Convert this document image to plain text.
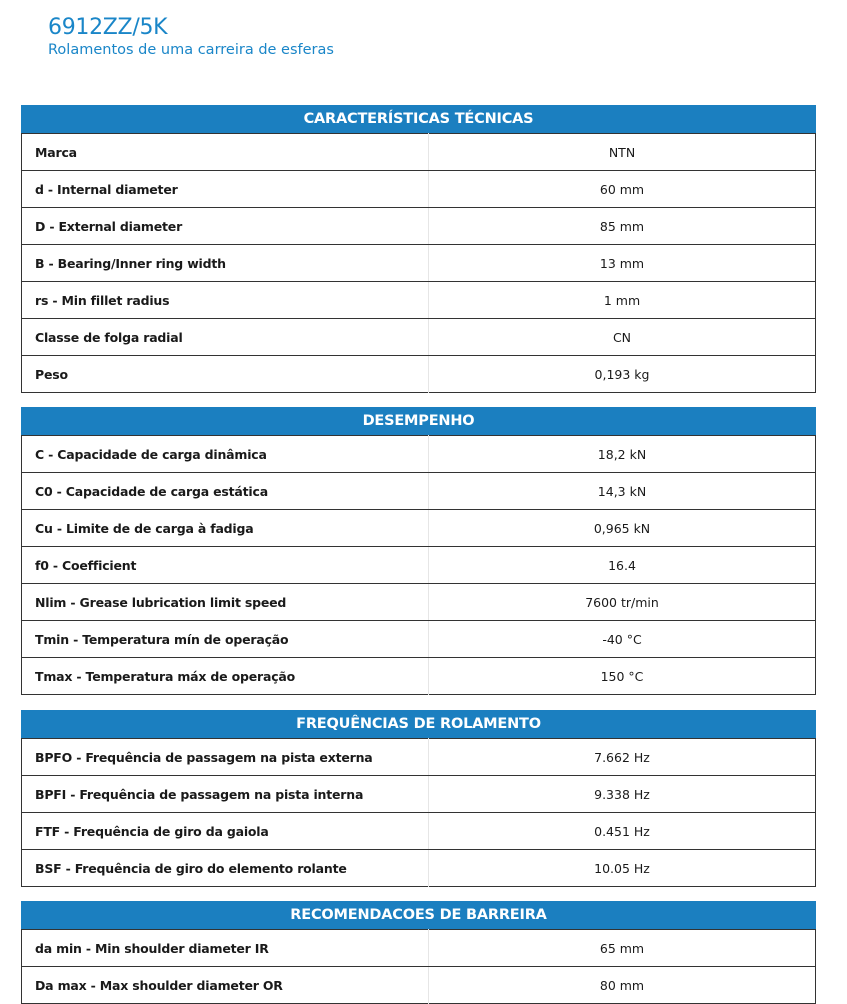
6912ZZ/5K
Rolamentos de uma carreira de esferas
CARACTERÍSTICAS TÉCNICAS
Marca	NTN
d - Internal diameter	60 mm
D - External diameter	85 mm
B - Bearing/Inner ring width	13 mm
rs - Min fillet radius	1 mm
Classe de folga radial	CN
Peso	0,193 kg
DESEMPENHO
C - Capacidade de carga dinâmica	18,2 kN
C0 - Capacidade de carga estática	14,3 kN
Cu - Limite de de carga à fadiga	0,965 kN
f0 - Coefficient	16.4
Nlim - Grease lubrication limit speed	7600 tr/min
Tmin - Temperatura mín de operação	-40 °C
Tmax - Temperatura máx de operação	150 °C
FREQUÊNCIAS DE ROLAMENTO
BPFO - Frequência de passagem na pista externa	7.662 Hz
BPFI - Frequência de passagem na pista interna	9.338 Hz
FTF - Frequência de giro da gaiola	0.451 Hz
BSF - Frequência de giro do elemento rolante	10.05 Hz
RECOMENDACOES DE BARREIRA
da min - Min shoulder diameter IR	65 mm
Da max - Max shoulder diameter OR	80 mm
